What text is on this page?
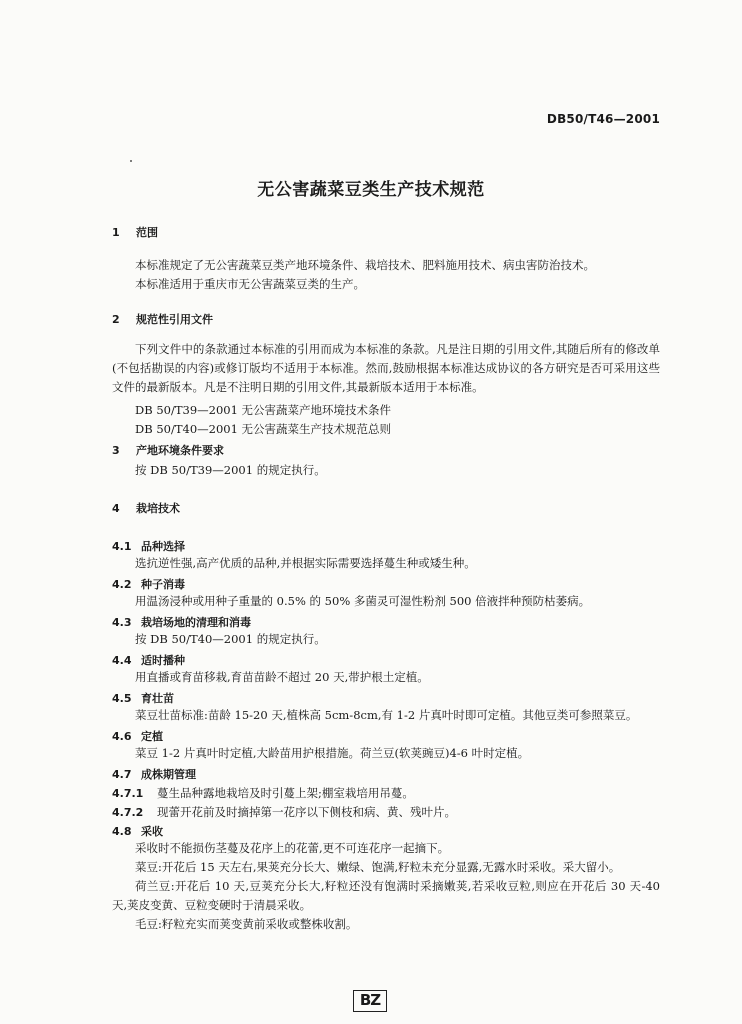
DB50/T46—2001
无公害蔬菜豆类生产技术规范
1	范围
本标准规定了无公害蔬菜豆类产地环境条件、栽培技术、肥料施用技术、病虫害防治技术。
本标准适用于重庆市无公害蔬菜豆类的生产。
2	规范性引用文件
下列文件中的条款通过本标准的引用而成为本标准的条款。凡是注日期的引用文件,其随后所有的修改单(不包括勘误的内容)或修订版均不适用于本标准。然而,鼓励根据本标准达成协议的各方研究是否可采用这些文件的最新版本。凡是不注明日期的引用文件,其最新版本适用于本标准。
DB 50/T39—2001 无公害蔬菜产地环境技术条件
DB 50/T40—2001 无公害蔬菜生产技术规范总则
3	产地环境条件要求
按 DB 50/T39—2001 的规定执行。
4	栽培技术
4.1 品种选择
选抗逆性强,高产优质的品种,并根据实际需要选择蔓生种或矮生种。
4.2 种子消毒
用温汤浸种或用种子重量的 0.5% 的 50% 多菌灵可湿性粉剂 500 倍液拌种预防枯萎病。
4.3 栽培场地的清理和消毒
按 DB 50/T40—2001 的规定执行。
4.4 适时播种
用直播或育苗移栽,育苗苗龄不超过 20 天,带护根土定植。
4.5 育壮苗
菜豆壮苗标准:苗龄 15-20 天,植株高 5cm-8cm,有 1-2 片真叶时即可定植。其他豆类可参照菜豆。
4.6 定植
菜豆 1-2 片真叶时定植,大龄苗用护根措施。荷兰豆(软荚豌豆)4-6 叶时定植。
4.7 成株期管理
4.7.1	蔓生品种露地栽培及时引蔓上架;棚室栽培用吊蔓。
4.7.2	现蕾开花前及时摘掉第一花序以下侧枝和病、黄、残叶片。
4.8 采收
采收时不能损伤茎蔓及花序上的花蕾,更不可连花序一起摘下。
菜豆:开花后 15 天左右,果荚充分长大、嫩绿、饱满,籽粒未充分显露,无露水时采收。采大留小。
荷兰豆:开花后 10 天,豆荚充分长大,籽粒还没有饱满时采摘嫩荚,若采收豆粒,则应在开花后 30 天-40 天,荚皮变黄、豆粒变硬时于清晨采收。
毛豆:籽粒充实而荚变黄前采收或整株收割。
BZ
